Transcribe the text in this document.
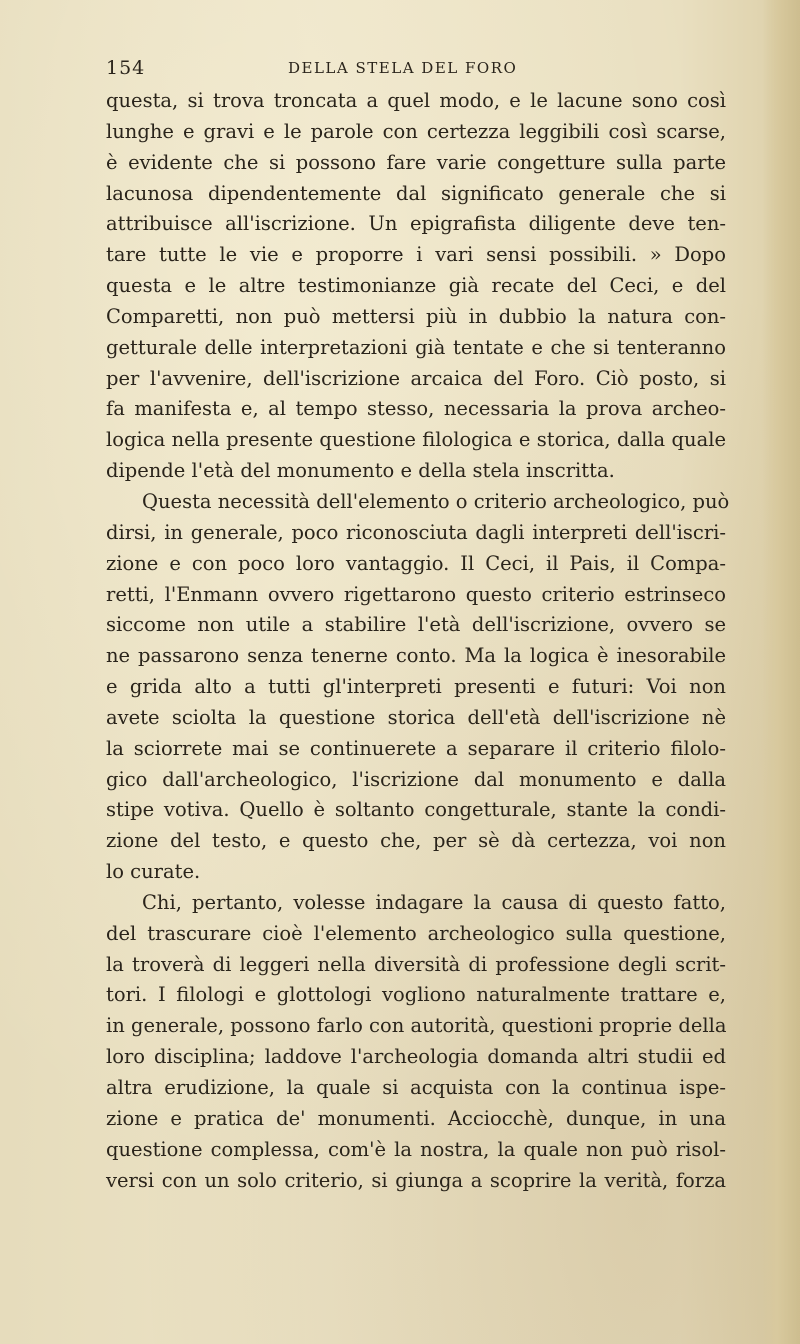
154	DELLA STELA DEL FORO
questa, si trova troncata a quel modo, e le lacune sono così
lunghe e gravi e le parole con certezza leggibili così scarse,
è evidente che si possono fare varie congetture sulla parte
lacunosa dipendentemente dal significato generale che si
attribuisce all'iscrizione. Un epigrafista diligente deve ten-
tare tutte le vie e proporre i vari sensi possibili. » Dopo
questa e le altre testimonianze già recate del Ceci, e del
Comparetti, non può mettersi più in dubbio la natura con-
getturale delle interpretazioni già tentate e che si tenteranno
per l'avvenire, dell'iscrizione arcaica del Foro. Ciò posto, si
fa manifesta e, al tempo stesso, necessaria la prova archeo-
logica nella presente questione filologica e storica, dalla quale
dipende l'età del monumento e della stela inscritta.
Questa necessità dell'elemento o criterio archeologico, può
dirsi, in generale, poco riconosciuta dagli interpreti dell'iscri-
zione e con poco loro vantaggio. Il Ceci, il Pais, il Compa-
retti, l'Enmann ovvero rigettarono questo criterio estrinseco
siccome non utile a stabilire l'età dell'iscrizione, ovvero se
ne passarono senza tenerne conto. Ma la logica è inesorabile
e grida alto a tutti gl'interpreti presenti e futuri: Voi non
avete sciolta la questione storica dell'età dell'iscrizione nè
la sciorrete mai se continuerete a separare il criterio filolo-
gico dall'archeologico, l'iscrizione dal monumento e dalla
stipe votiva. Quello è soltanto congetturale, stante la condi-
zione del testo, e questo che, per sè dà certezza, voi non
lo curate.
Chi, pertanto, volesse indagare la causa di questo fatto,
del trascurare cioè l'elemento archeologico sulla questione,
la troverà di leggeri nella diversità di professione degli scrit-
tori. I filologi e glottologi vogliono naturalmente trattare e,
in generale, possono farlo con autorità, questioni proprie della
loro disciplina; laddove l'archeologia domanda altri studii ed
altra erudizione, la quale si acquista con la continua ispe-
zione e pratica de' monumenti. Acciocchè, dunque, in una
questione complessa, com'è la nostra, la quale non può risol-
versi con un solo criterio, si giunga a scoprire la verità, forza
